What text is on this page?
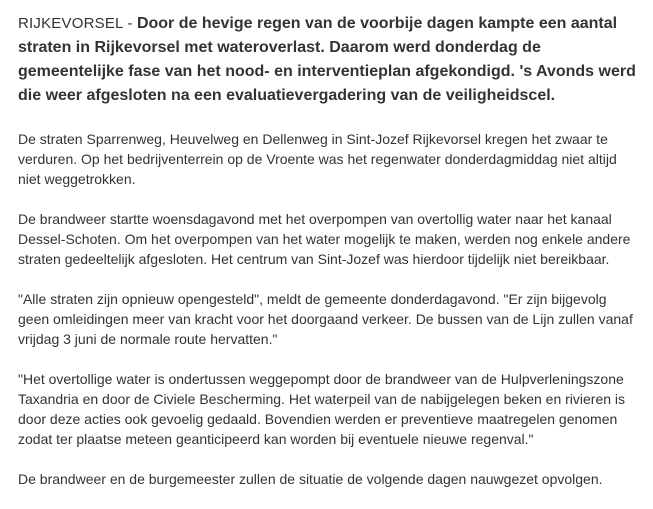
RIJKEVORSEL - Door de hevige regen van de voorbije dagen kampte een aantal straten in Rijkevorsel met wateroverlast. Daarom werd donderdag de gemeentelijke fase van het nood- en interventieplan afgekondigd. 's Avonds werd die weer afgesloten na een evaluatievergadering van de veiligheidscel.

De straten Sparrenweg, Heuvelweg en Dellenweg in Sint-Jozef Rijkevorsel kregen het zwaar te verduren. Op het bedrijventerrein op de Vroente was het regenwater donderdagmiddag niet altijd niet weggetrokken.

De brandweer startte woensdagavond met het overpompen van overtollig water naar het kanaal Dessel-Schoten. Om het overpompen van het water mogelijk te maken, werden nog enkele andere straten gedeeltelijk afgesloten. Het centrum van Sint-Jozef was hierdoor tijdelijk niet bereikbaar.

"Alle straten zijn opnieuw opengesteld", meldt de gemeente donderdagavond. "Er zijn bijgevolg geen omleidingen meer van kracht voor het doorgaand verkeer. De bussen van de Lijn zullen vanaf vrijdag 3 juni de normale route hervatten."

"Het overtollige water is ondertussen weggepompt door de brandweer van de Hulpverleningszone Taxandria en door de Civiele Bescherming. Het waterpeil van de nabijgelegen beken en rivieren is door deze acties ook gevoelig gedaald. Bovendien werden er preventieve maatregelen genomen zodat ter plaatse meteen geanticipeerd kan worden bij eventuele nieuwe regenval."

De brandweer en de burgemeester zullen de situatie de volgende dagen nauwgezet opvolgen.
